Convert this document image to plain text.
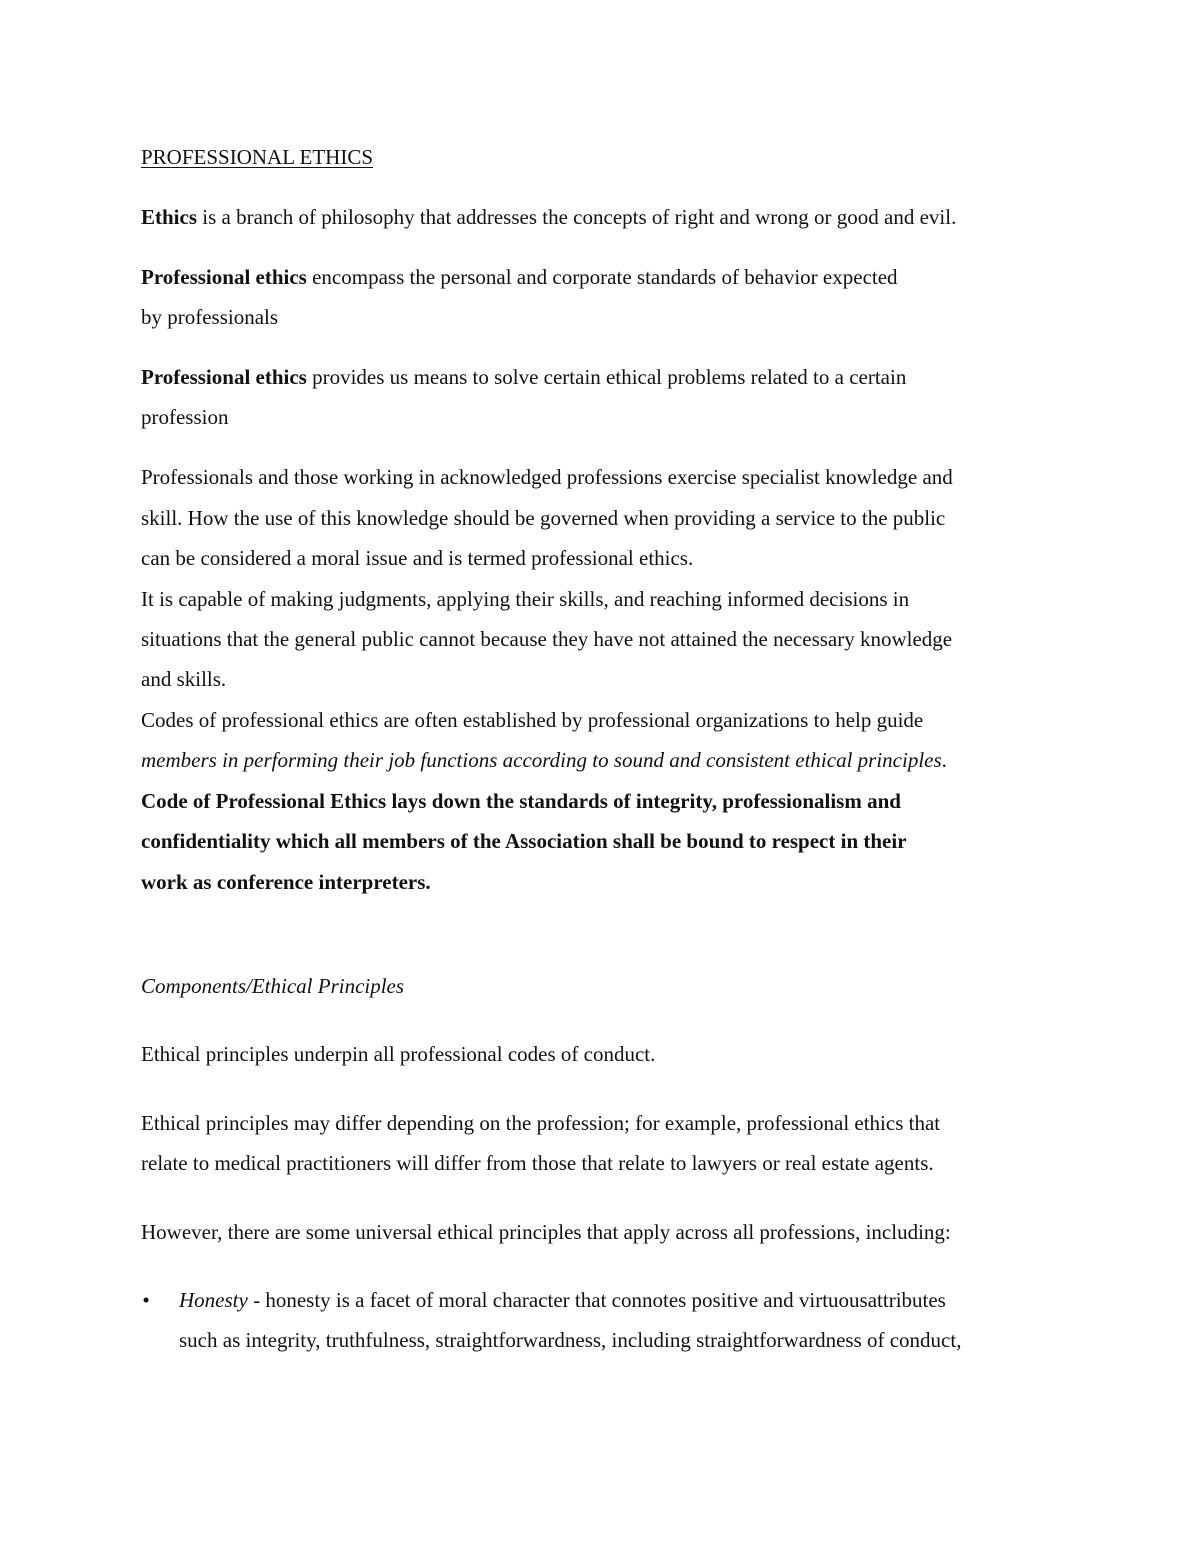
PROFESSIONAL ETHICS
Ethics is a branch of philosophy that addresses the concepts of right and wrong or good and evil.
Professional ethics encompass the personal and corporate standards of behavior expected
by professionals
Professional ethics provides us means to solve certain ethical problems related to a certain
profession
Professionals and those working in acknowledged professions exercise specialist knowledge and
skill. How the use of this knowledge should be governed when providing a service to the public
can be considered a moral issue and is termed professional ethics.
It is capable of making judgments, applying their skills, and reaching informed decisions in
situations that the general public cannot because they have not attained the necessary knowledge
and skills.
Codes of professional ethics are often established by professional organizations to help guide
members in performing their job functions according to sound and consistent ethical principles.
Code of Professional Ethics lays down the standards of integrity, professionalism and
confidentiality which all members of the Association shall be bound to respect in their
work as conference interpreters.
Components/Ethical Principles
Ethical principles underpin all professional codes of conduct.
Ethical principles may differ depending on the profession; for example, professional ethics that
relate to medical practitioners will differ from those that relate to lawyers or real estate agents.
However, there are some universal ethical principles that apply across all professions, including:
• Honesty - honesty is a facet of moral character that connotes positive and virtuousattributes
such as integrity, truthfulness, straightforwardness, including straightforwardness of conduct,
